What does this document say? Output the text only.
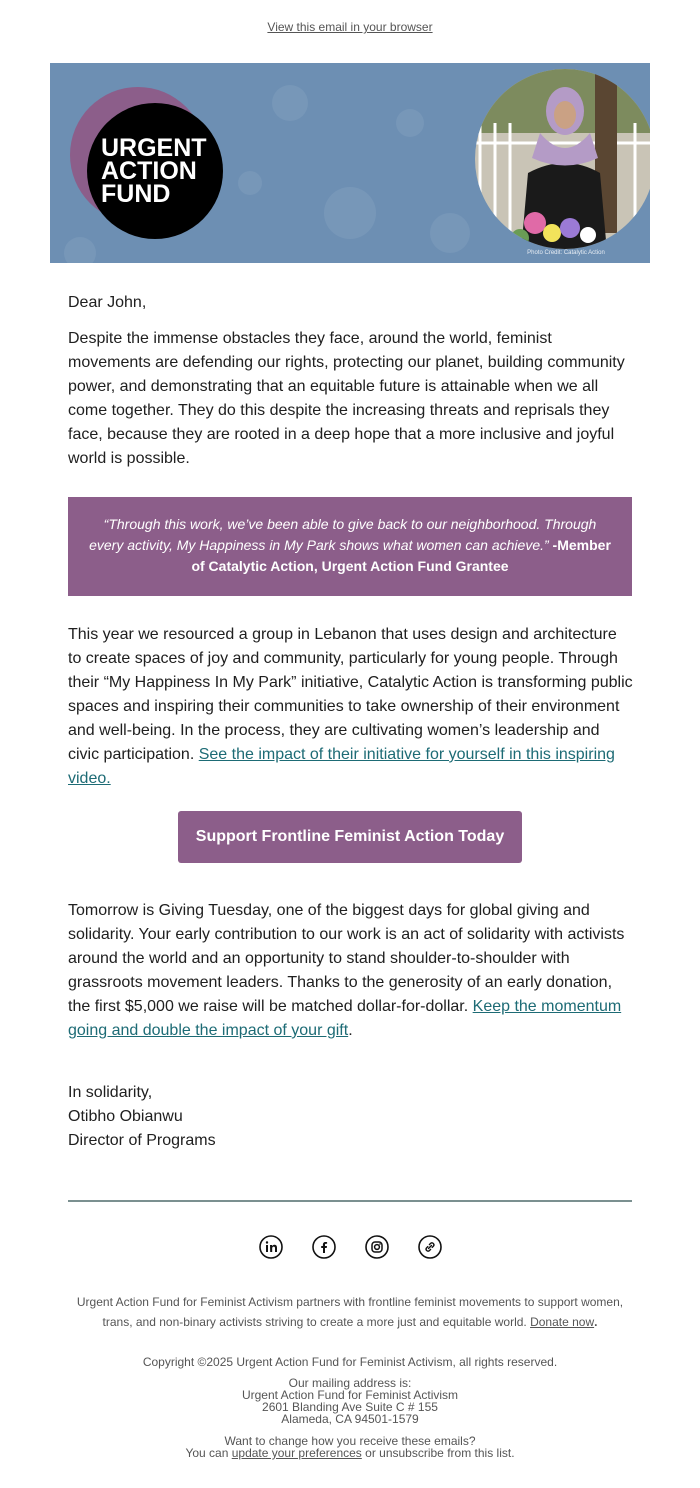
View this email in your browser
URGENT
ACTION
FUND
Photo Credit: Catalytic Action

Dear John,

Despite the immense obstacles they face, around the world, feminist movements are defending our rights, protecting our planet, building community power, and demonstrating that an equitable future is attainable when we all come together. They do this despite the increasing threats and reprisals they face, because they are rooted in a deep hope that a more inclusive and joyful world is possible.

“Through this work, we’ve been able to give back to our neighborhood. Through every activity, My Happiness in My Park shows what women can achieve.” -Member of Catalytic Action, Urgent Action Fund Grantee

This year we resourced a group in Lebanon that uses design and architecture to create spaces of joy and community, particularly for young people. Through their “My Happiness In My Park” initiative, Catalytic Action is transforming public spaces and inspiring their communities to take ownership of their environment and well-being. In the process, they are cultivating women’s leadership and civic participation. See the impact of their initiative for yourself in this inspiring video.

Support Frontline Feminist Action Today

Tomorrow is Giving Tuesday, one of the biggest days for global giving and solidarity. Your early contribution to our work is an act of solidarity with activists around the world and an opportunity to stand shoulder-to-shoulder with grassroots movement leaders. Thanks to the generosity of an early donation, the first $5,000 we raise will be matched dollar-for-dollar. Keep the momentum going and double the impact of your gift.

In solidarity,

Otibho Obianwu

Director of Programs

Urgent Action Fund for Feminist Activism partners with frontline feminist movements to support women, trans, and non-binary activists striving to create a more just and equitable world. Donate now.
Copyright ©2025 Urgent Action Fund for Feminist Activism, all rights reserved.
Our mailing address is:
Urgent Action Fund for Feminist Activism
2601 Blanding Ave Suite C # 155
Alameda, CA 94501-1579
Want to change how you receive these emails?
You can update your preferences or unsubscribe from this list.
